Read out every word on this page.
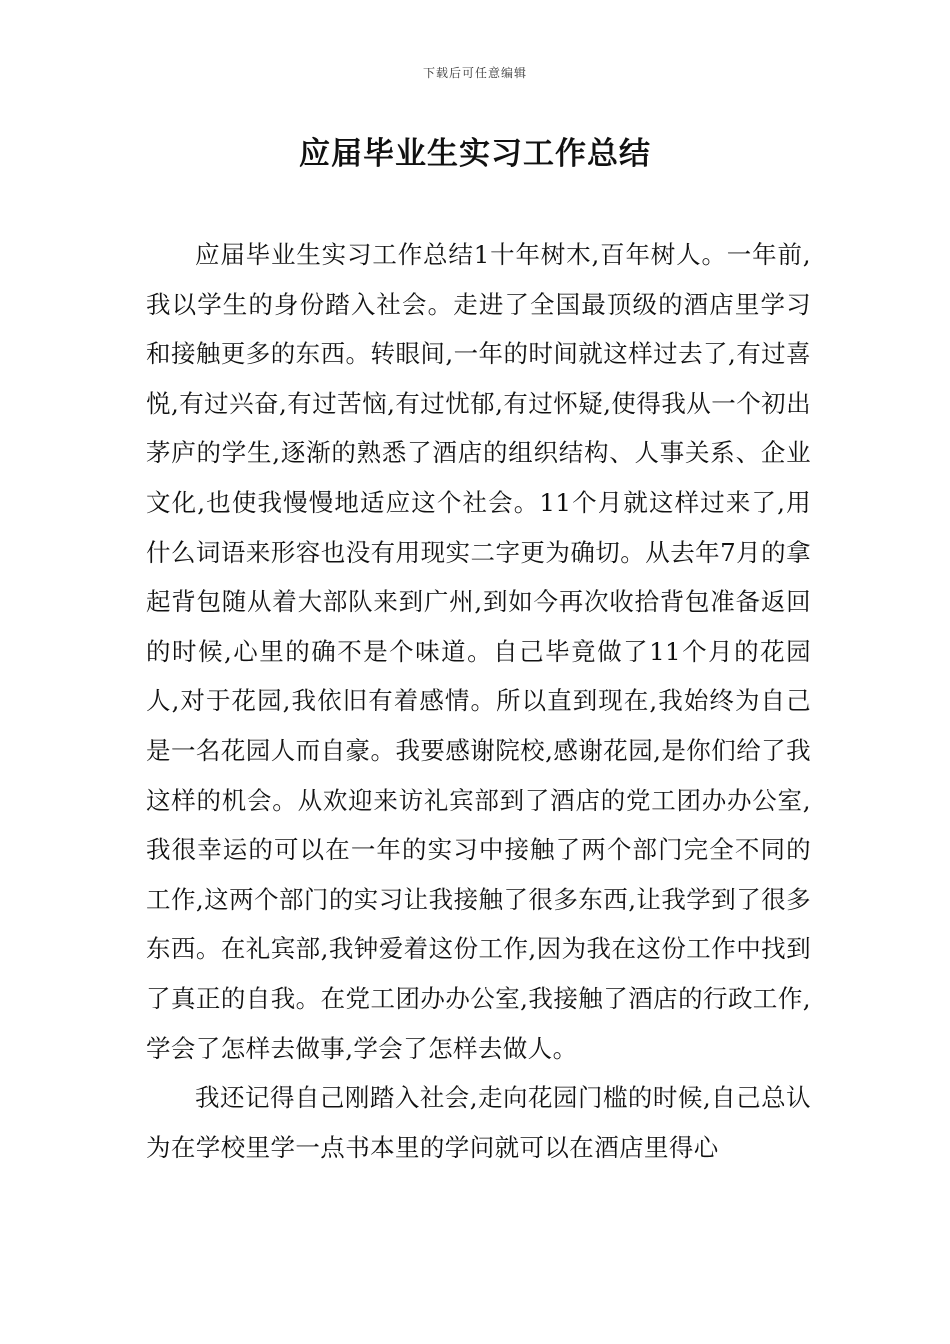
下载后可任意编辑
应届毕业生实习工作总结

应届毕业生实习工作总结1十年树木,百年树人。一年前,我以学生的身份踏入社会。走进了全国最顶级的酒店里学习和接触更多的东西。转眼间,一年的时间就这样过去了,有过喜悦,有过兴奋,有过苦恼,有过忧郁,有过怀疑,使得我从一个初出茅庐的学生,逐渐的熟悉了酒店的组织结构、人事关系、企业文化,也使我慢慢地适应这个社会。11个月就这样过来了,用什么词语来形容也没有用现实二字更为确切。从去年7月的拿起背包随从着大部队来到广州,到如今再次收拾背包准备返回的时候,心里的确不是个味道。自己毕竟做了11个月的花园人,对于花园,我依旧有着感情。所以直到现在,我始终为自己是一名花园人而自豪。我要感谢院校,感谢花园,是你们给了我这样的机会。从欢迎来访礼宾部到了酒店的党工团办办公室,我很幸运的可以在一年的实习中接触了两个部门完全不同的工作,这两个部门的实习让我接触了很多东西,让我学到了很多东西。在礼宾部,我钟爱着这份工作,因为我在这份工作中找到了真正的自我。在党工团办办公室,我接触了酒店的行政工作,学会了怎样去做事,学会了怎样去做人。

我还记得自己刚踏入社会,走向花园门槛的时候,自己总认为在学校里学一点书本里的学问就可以在酒店里得心
